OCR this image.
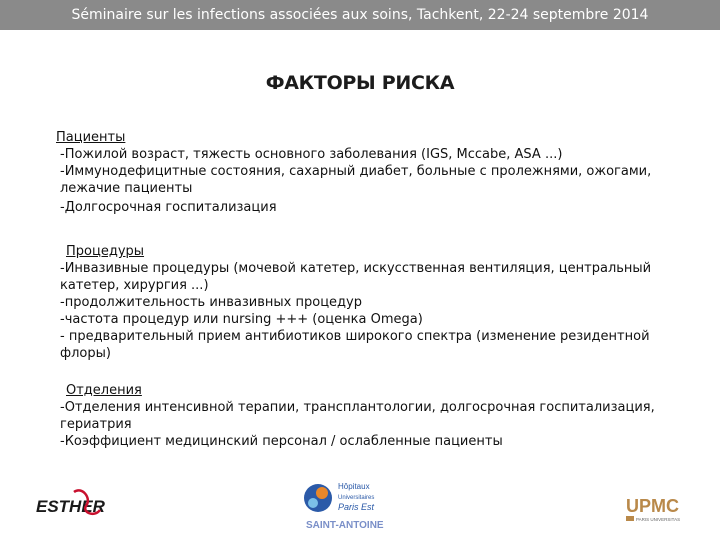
Séminaire sur les infections associées aux soins, Tachkent, 22-24 septembre 2014
ФАКТОРЫ РИСКА
Пациенты
-Пожилой возраст, тяжесть основного заболевания (IGS, Mccabe, ASA ...)
-Иммунодефицитные состояния, сахарный диабет, больные с пролежнями, ожогами, лежачие пациенты
-Долгосрочная госпитализация
Процедуры
-Инвазивные процедуры (мочевой катетер, искусственная вентиляция, центральный катетер, хирургия ...)
-продолжительность инвазивных процедур
-частота процедур или nursing +++ (оценка Omega)
- предварительный прием антибиотиков широкого спектра (изменение резидентной флоры)
Отделения
-Отделения интенсивной терапии, трансплантологии, долгосрочная госпитализация, гериатрия
-Коэффициент медицинский персонал / ослабленные пациенты
ESTHER
Hôpitaux
Universitaires
Paris Est
SAINT-ANTOINE
UPMC
PARIS UNIVERSITAS
